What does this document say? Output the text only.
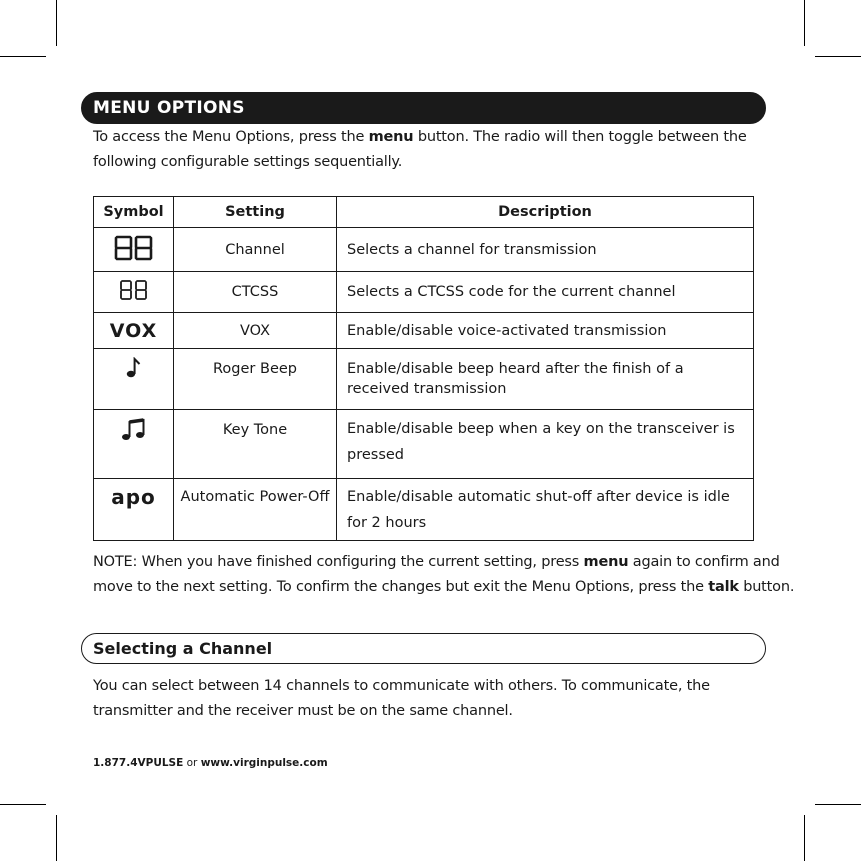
MENU OPTIONS
To access the Menu Options, press the menu button. The radio will then toggle between the
following configurable settings sequentially.
Symbol	Setting	Description
	Channel	Selects a channel for transmission
	CTCSS	Selects a CTCSS code for the current channel
VOX	VOX	Enable/disable voice-activated transmission
	Roger Beep	Enable/disable beep heard after the finish of a received transmission
	Key Tone	Enable/disable beep when a key on the transceiver is pressed
apo	Automatic Power-Off	Enable/disable automatic shut-off after device is idle for 2 hours
NOTE: When you have finished configuring the current setting, press menu again to confirm and
move to the next setting. To confirm the changes but exit the Menu Options, press the talk button.
Selecting a Channel
You can select between 14 channels to communicate with others. To communicate, the
transmitter and the receiver must be on the same channel.
1.877.4VPULSE or www.virginpulse.com
